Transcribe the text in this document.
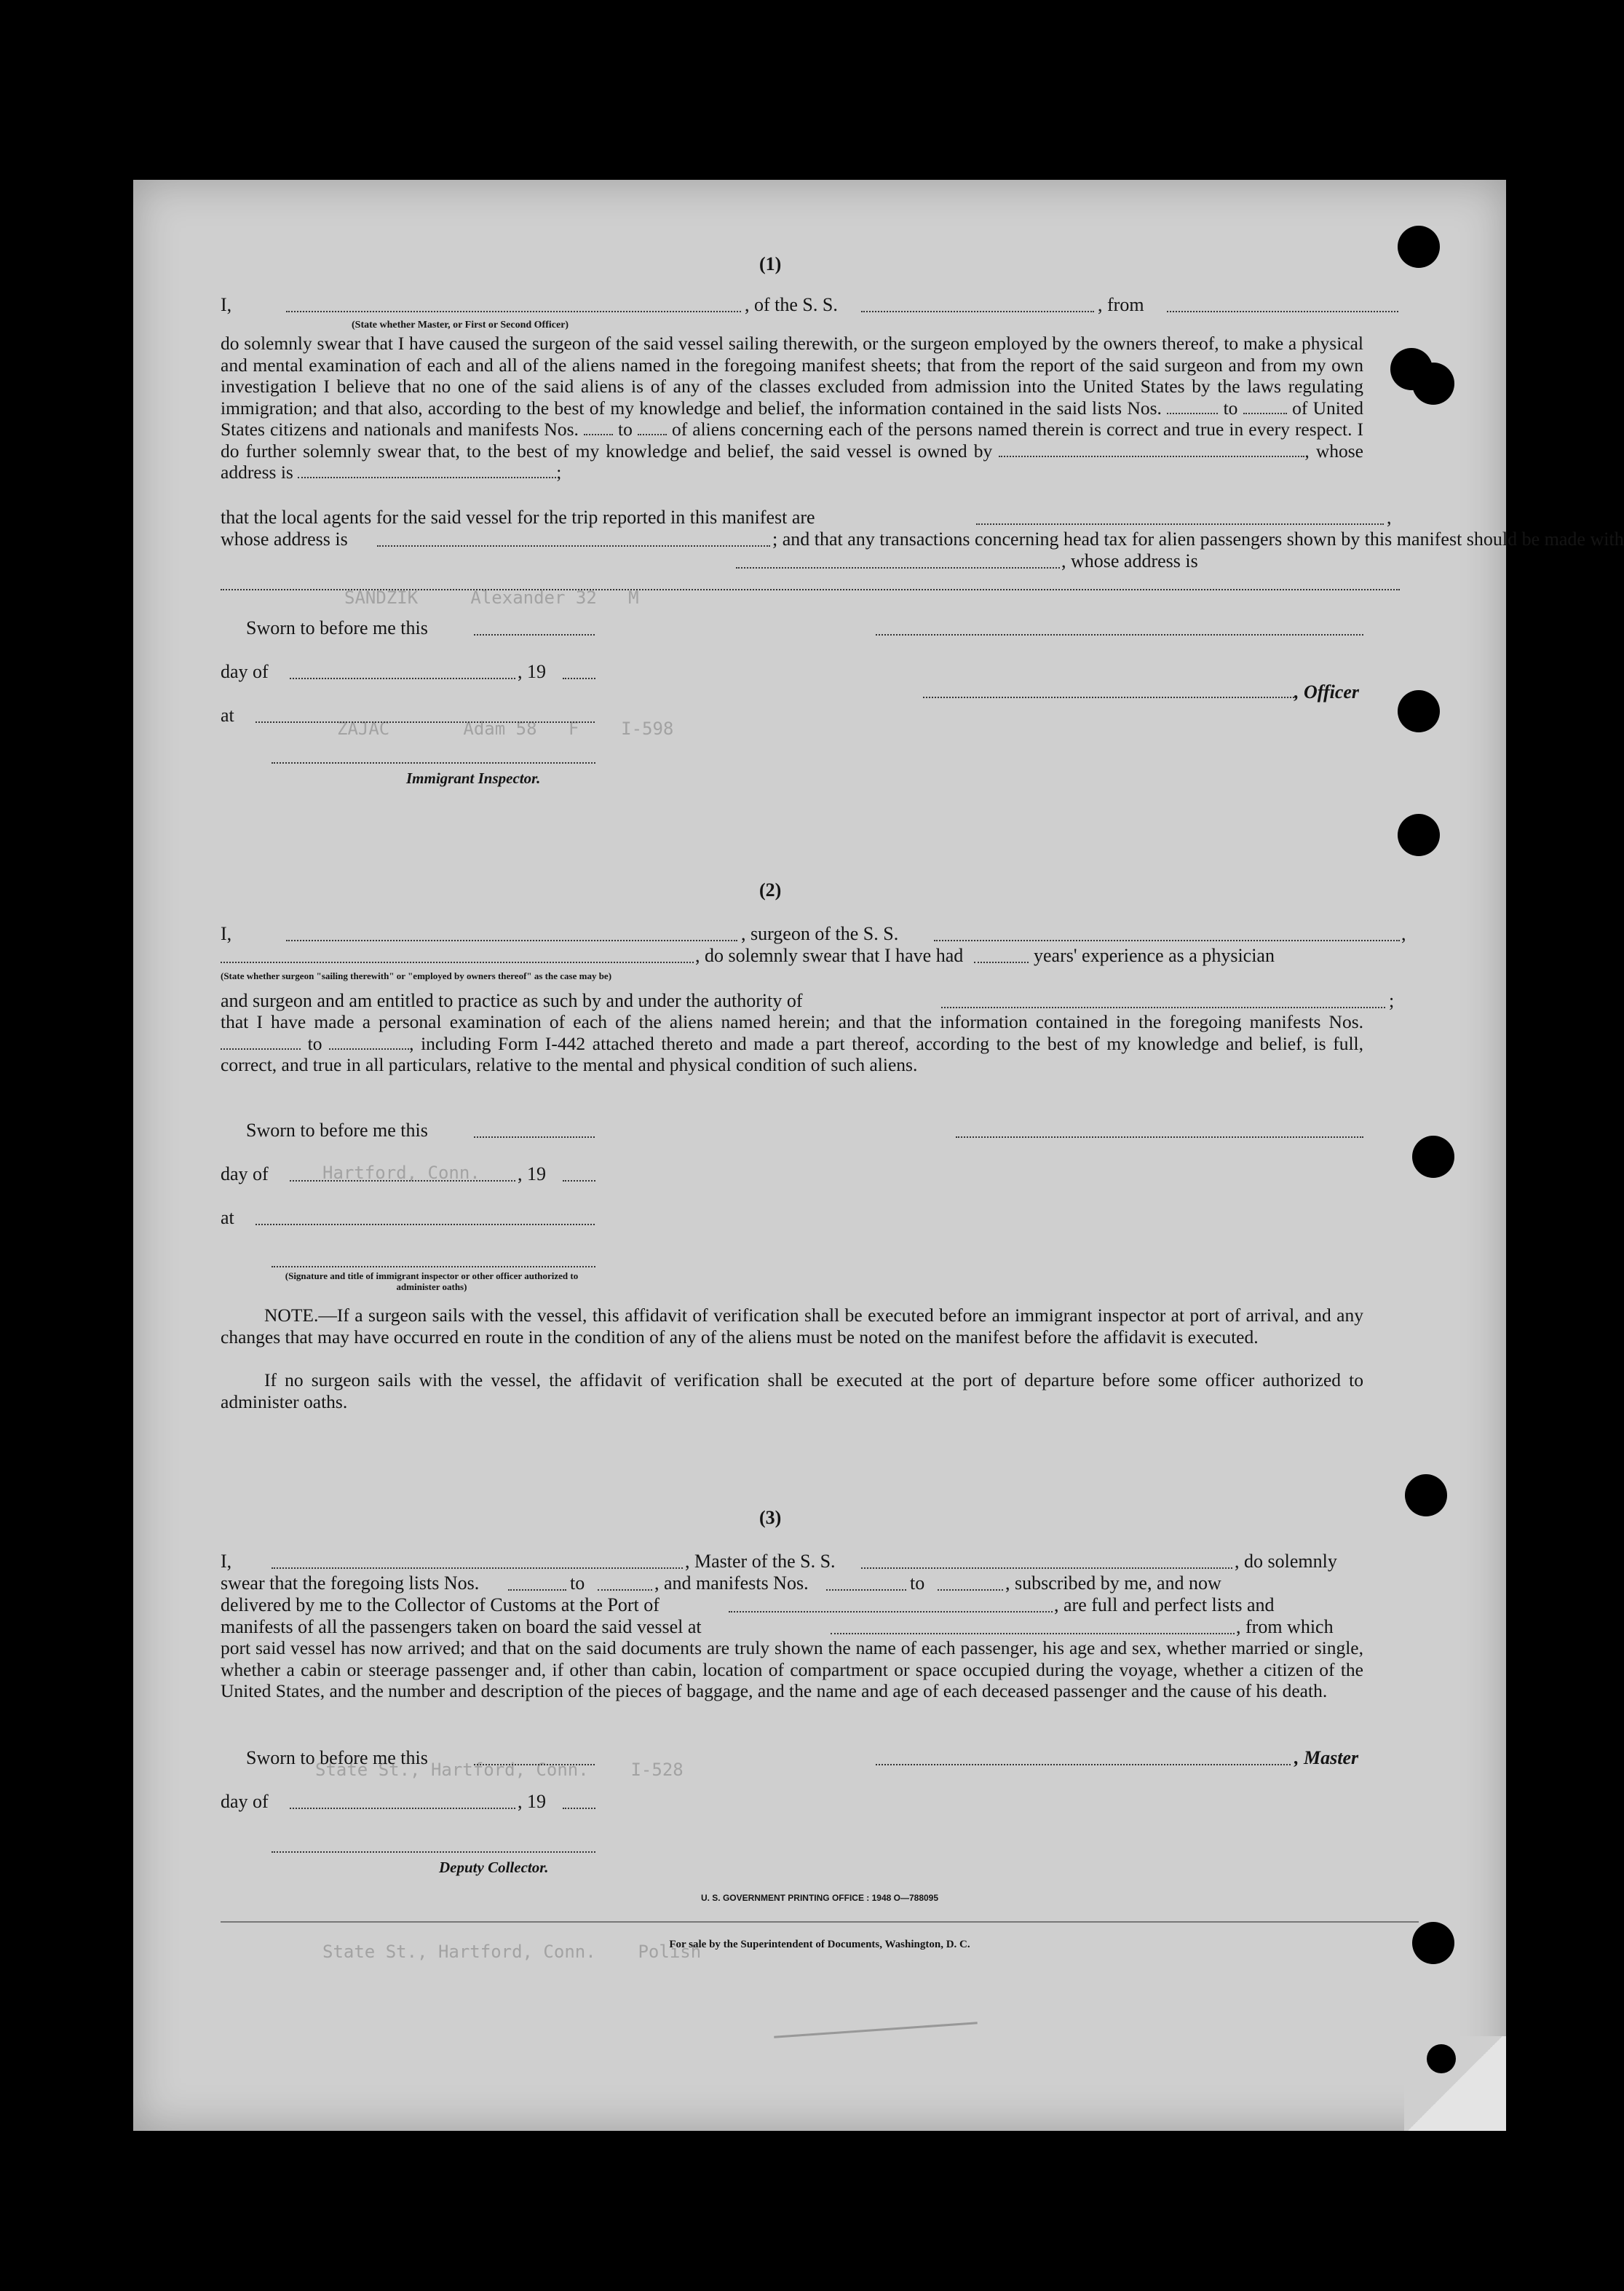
SANDZIK     Alexander 32   M
ZAJAC       Adam 58   F    I-598
Hartford, Conn.
State St., Hartford, Conn.    I-528
State St., Hartford, Conn.    Polish
(1)
I,	, of the S. S.	, from
(State whether Master, or First or Second Officer)
do solemnly swear that I have caused the surgeon of the said vessel sailing therewith, or the surgeon employed by the owners thereof, to make a physical and mental examination of each and all of the aliens named in the foregoing manifest sheets; that from the report of the said surgeon and from my own investigation I believe that no one of the said aliens is of any of the classes excluded from admission into the United States by the laws regulating immigration; and that also, according to the best of my knowledge and belief, the information contained in the said lists Nos.	to	of United States citizens and nationals and manifests Nos. to of aliens concerning each of the persons named therein is correct and true in every respect. I do further solemnly swear that, to the best of my knowledge and belief, the said vessel is owned by	, whose address is	;
that the local agents for the said vessel for the trip reported in this manifest are	,
whose address is	; and that any transactions concerning head tax for alien passengers shown by this manifest should be made with
, whose address is
Sworn to before me this
day of	, 19
, Officer
at
Immigrant Inspector.
(2)
I,	, surgeon of the S. S.	,
, do solemnly swear that I have had	years' experience as a physician
(State whether surgeon "sailing therewith" or "employed by owners thereof" as the case may be)
and surgeon and am entitled to practice as such by and under the authority of	;
that I have made a personal examination of each of the aliens named herein; and that the information contained in the foregoing manifests Nos.  to	, including Form I-442 attached thereto and made a part thereof, according to the best of my knowledge and belief, is full, correct, and true in all particulars, relative to the mental and physical condition of such aliens.
Sworn to before me this
day of	, 19
at
(Signature and title of immigrant inspector or other officer authorized to administer oaths)
NOTE.—If a surgeon sails with the vessel, this affidavit of verification shall be executed before an immigrant inspector at port of arrival, and any changes that may have occurred en route in the condition of any of the aliens must be noted on the manifest before the affidavit is executed.
If no surgeon sails with the vessel, the affidavit of verification shall be executed at the port of departure before some officer authorized to administer oaths.
(3)
I,	, Master of the S. S.	, do solemnly
swear that the foregoing lists Nos.	to	, and manifests Nos.	to	, subscribed by me, and now
delivered by me to the Collector of Customs at the Port of	, are full and perfect lists and
manifests of all the passengers taken on board the said vessel at	, from which
port said vessel has now arrived; and that on the said documents are truly shown the name of each passenger, his age and sex, whether married or single, whether a cabin or steerage passenger and, if other than cabin, location of compartment or space occupied during the voyage, whether a citizen of the United States, and the number and description of the pieces of baggage, and the name and age of each deceased passenger and the cause of his death.
Sworn to before me this	, Master
day of	, 19
Deputy Collector.
U. S. GOVERNMENT PRINTING OFFICE : 1948 O—788095
For sale by the Superintendent of Documents, Washington, D. C.
